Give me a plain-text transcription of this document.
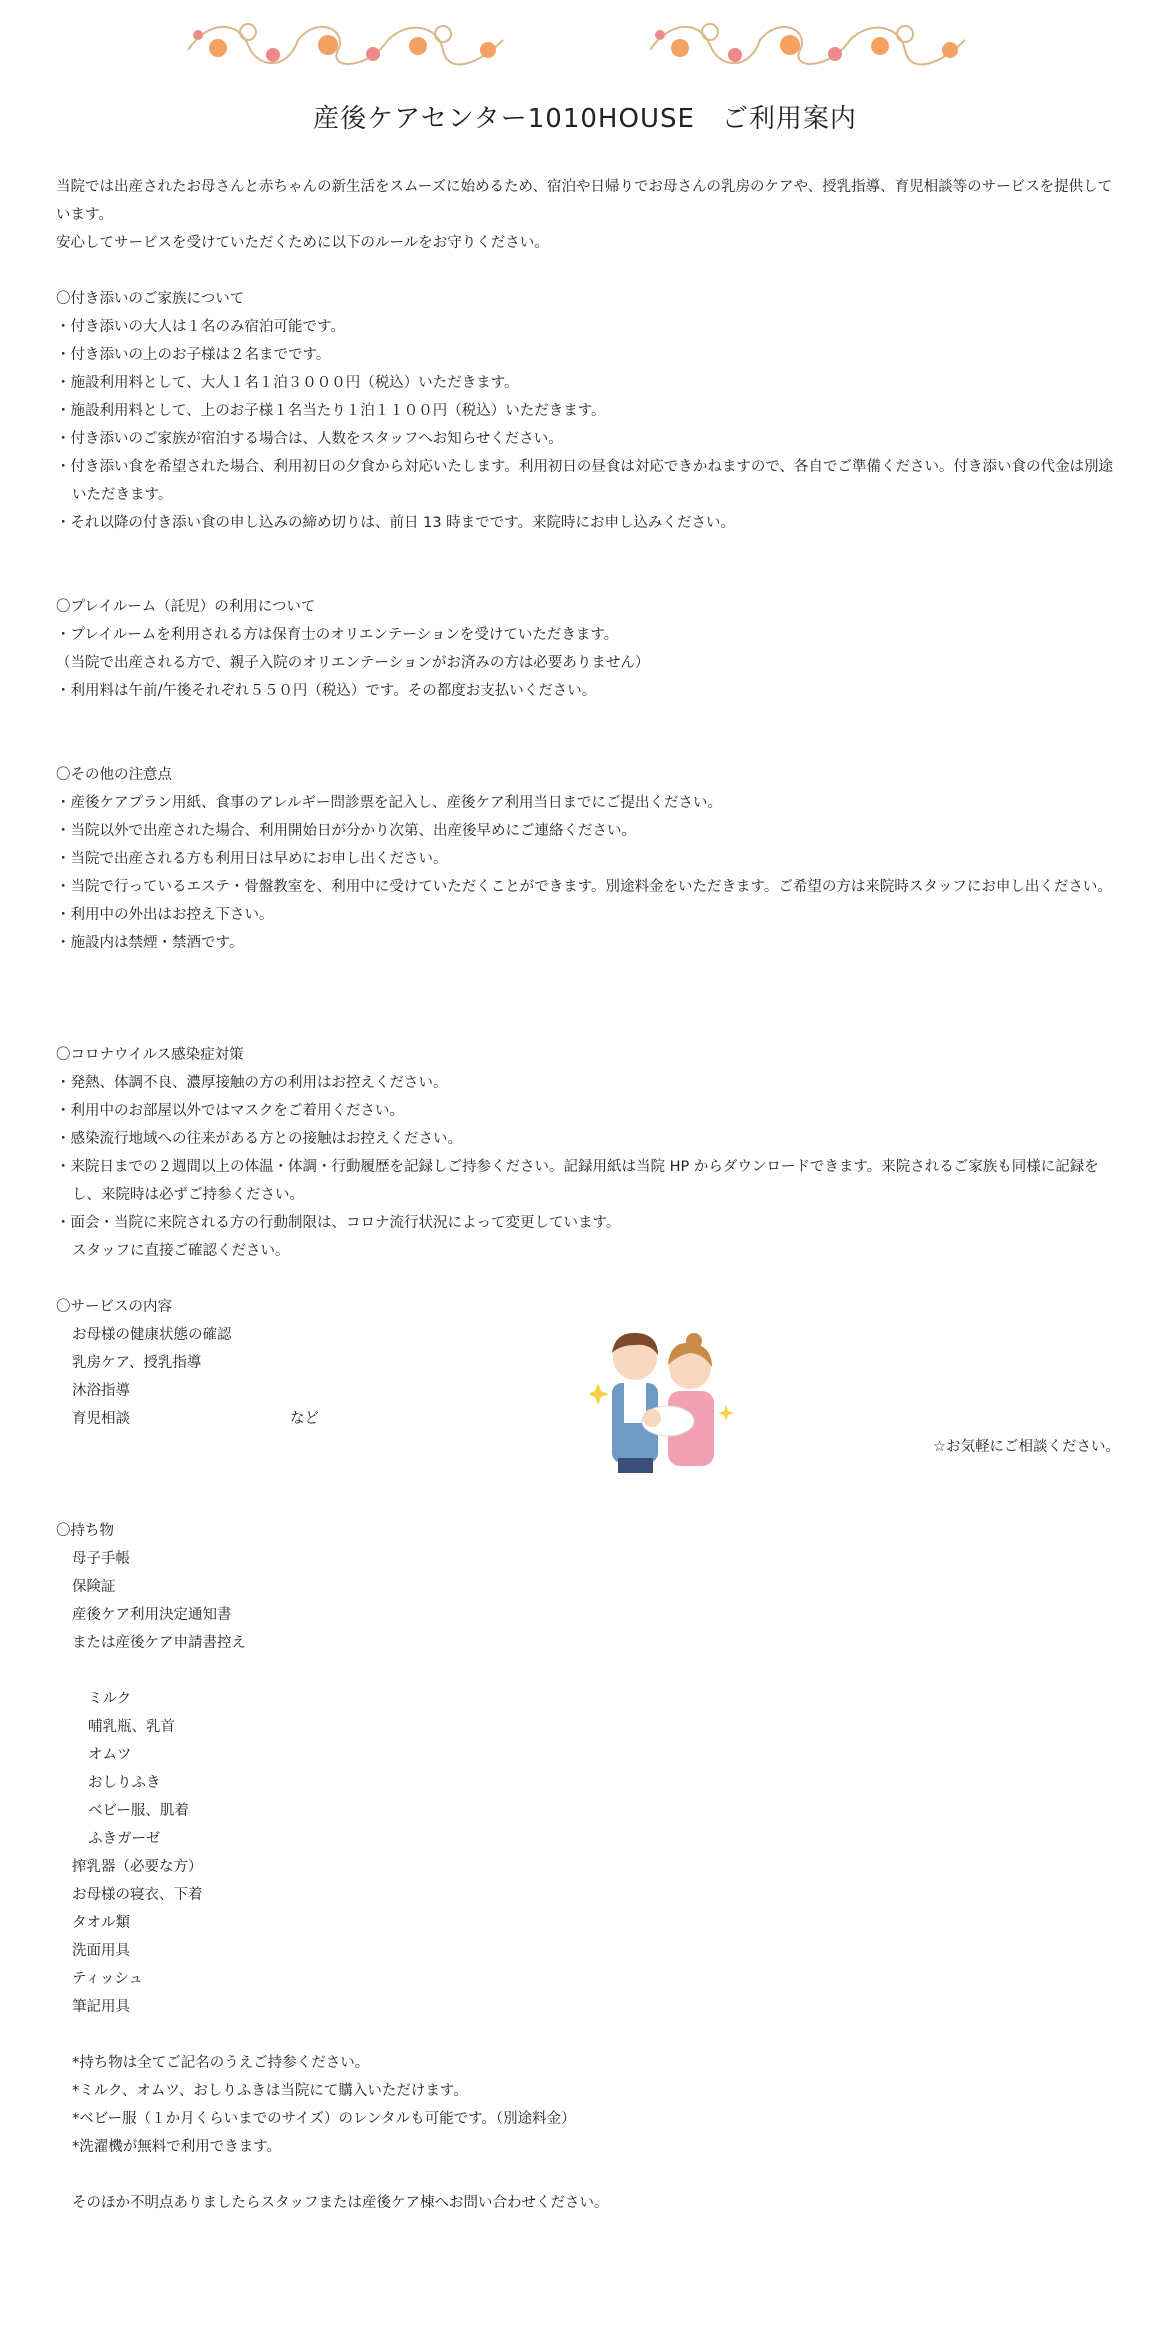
産後ケアセンター1010HOUSE　ご利用案内

当院では出産されたお母さんと赤ちゃんの新生活をスムーズに始めるため、宿泊や日帰りでお母さんの乳房のケアや、授乳指導、育児相談等のサービスを提供しています。

安心してサービスを受けていただくために以下のルールをお守りください。

〇付き添いのご家族について

・付き添いの大人は１名のみ宿泊可能です。

・付き添いの上のお子様は２名までです。

・施設利用料として、大人１名１泊３０００円（税込）いただきます。

・施設利用料として、上のお子様１名当たり１泊１１００円（税込）いただきます。

・付き添いのご家族が宿泊する場合は、人数をスタッフへお知らせください。

・付き添い食を希望された場合、利用初日の夕食から対応いたします。利用初日の昼食は対応できかねますので、各自でご準備ください。付き添い食の代金は別途いただきます。

・それ以降の付き添い食の申し込みの締め切りは、前日 13 時までです。来院時にお申し込みください。

〇プレイルーム（託児）の利用について

・プレイルームを利用される方は保育士のオリエンテーションを受けていただきます。

（当院で出産される方で、親子入院のオリエンテーションがお済みの方は必要ありません）

・利用料は午前/午後それぞれ５５０円（税込）です。その都度お支払いください。

〇その他の注意点

・産後ケアプラン用紙、食事のアレルギー問診票を記入し、産後ケア利用当日までにご提出ください。

・当院以外で出産された場合、利用開始日が分かり次第、出産後早めにご連絡ください。

・当院で出産される方も利用日は早めにお申し出ください。

・当院で行っているエステ・骨盤教室を、利用中に受けていただくことができます。別途料金をいただきます。ご希望の方は来院時スタッフにお申し出ください。

・利用中の外出はお控え下さい。

・施設内は禁煙・禁酒です。

〇コロナウイルス感染症対策

・発熱、体調不良、濃厚接触の方の利用はお控えください。

・利用中のお部屋以外ではマスクをご着用ください。

・感染流行地域への往来がある方との接触はお控えください。

・来院日までの２週間以上の体温・体調・行動履歴を記録しご持参ください。記録用紙は当院 HP からダウンロードできます。来院されるご家族も同様に記録をし、来院時は必ずご持参ください。

・面会・当院に来院される方の行動制限は、コロナ流行状況によって変更しています。

スタッフに直接ご確認ください。

〇サービスの内容

お母様の健康状態の確認

乳房ケア、授乳指導

沐浴指導

育児相談	など

☆お気軽にご相談ください。

〇持ち物

母子手帳

保険証

産後ケア利用決定通知書

または産後ケア申請書控え

ミルク

哺乳瓶、乳首

オムツ

おしりふき

ベビー服、肌着

ふきガーゼ

搾乳器（必要な方）

お母様の寝衣、下着

タオル類

洗面用具

ティッシュ

筆記用具

*持ち物は全てご記名のうえご持参ください。

*ミルク、オムツ、おしりふきは当院にて購入いただけます。

*ベビー服（１か月くらいまでのサイズ）のレンタルも可能です。（別途料金）

*洗濯機が無料で利用できます。

そのほか不明点ありましたらスタッフまたは産後ケア棟へお問い合わせください。
